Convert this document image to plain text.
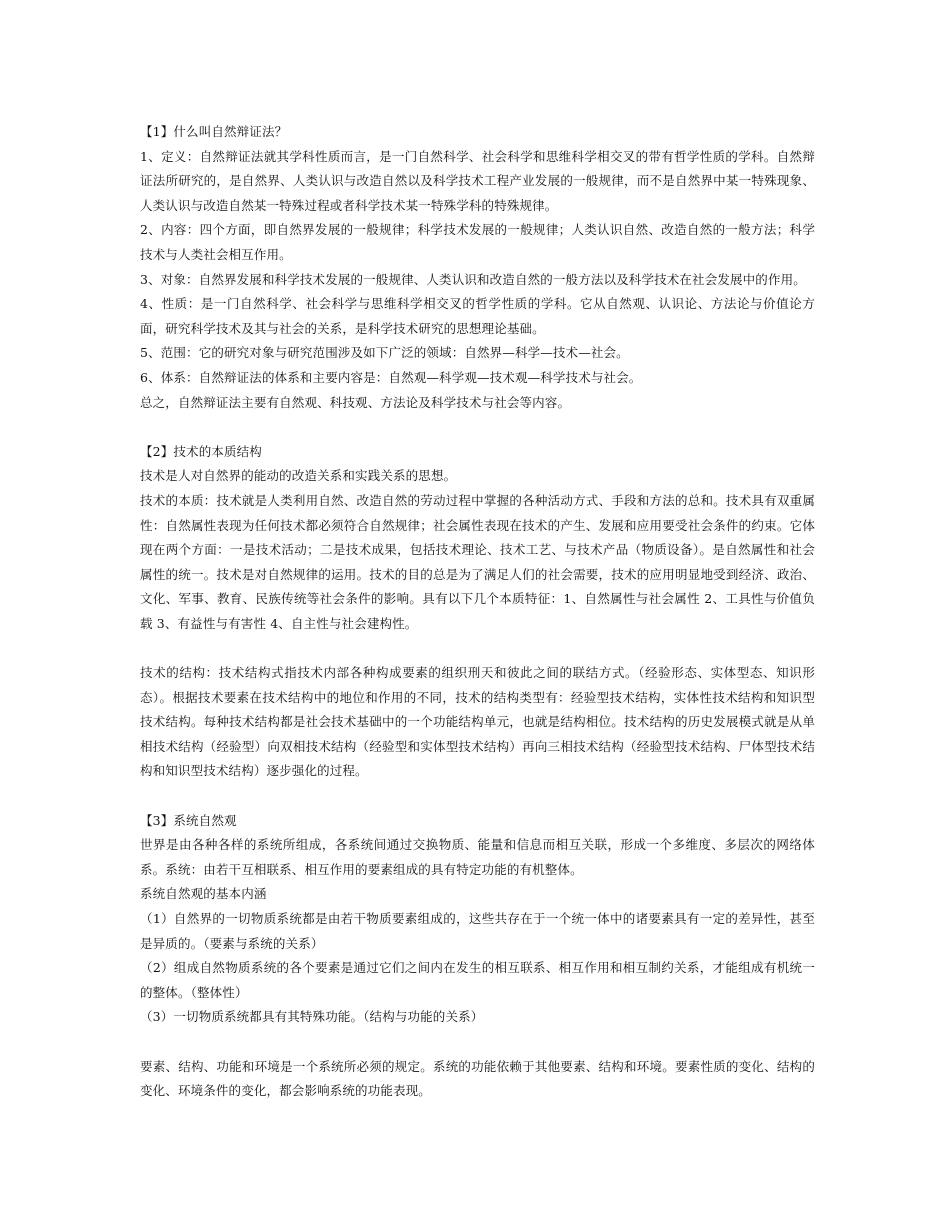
【1】什么叫自然辩证法？

1、定义：自然辩证法就其学科性质而言，是一门自然科学、社会科学和思维科学相交叉的带有哲学性质的学科。自然辩证法所研究的，是自然界、人类认识与改造自然以及科学技术工程产业发展的一般规律，而不是自然界中某一特殊现象、人类认识与改造自然某一特殊过程或者科学技术某一特殊学科的特殊规律。

2、内容：四个方面，即自然界发展的一般规律；科学技术发展的一般规律；人类认识自然、改造自然的一般方法；科学技术与人类社会相互作用。

3、对象：自然界发展和科学技术发展的一般规律、人类认识和改造自然的一般方法以及科学技术在社会发展中的作用。

4、性质：是一门自然科学、社会科学与思维科学相交叉的哲学性质的学科。它从自然观、认识论、方法论与价值论方面，研究科学技术及其与社会的关系，是科学技术研究的思想理论基础。

5、范围：它的研究对象与研究范围涉及如下广泛的领域：自然界—科学—技术—社会。

6、体系：自然辩证法的体系和主要内容是：自然观—科学观—技术观—科学技术与社会。

总之，自然辩证法主要有自然观、科技观、方法论及科学技术与社会等内容。

【2】技术的本质结构

技术是人对自然界的能动的改造关系和实践关系的思想。

技术的本质：技术就是人类利用自然、改造自然的劳动过程中掌握的各种活动方式、手段和方法的总和。技术具有双重属性：自然属性表现为任何技术都必须符合自然规律；社会属性表现在技术的产生、发展和应用要受社会条件的约束。它体现在两个方面：一是技术活动；二是技术成果，包括技术理论、技术工艺、与技术产品（物质设备）。是自然属性和社会属性的统一。技术是对自然规律的运用。技术的目的总是为了满足人们的社会需要，技术的应用明显地受到经济、政治、文化、军事、教育、民族传统等社会条件的影响。具有以下几个本质特征：1、自然属性与社会属性 2、工具性与价值负载 3、有益性与有害性 4、自主性与社会建构性。

技术的结构：技术结构式指技术内部各种构成要素的组织刑天和彼此之间的联结方式。（经验形态、实体型态、知识形态）。根据技术要素在技术结构中的地位和作用的不同，技术的结构类型有：经验型技术结构，实体性技术结构和知识型技术结构。每种技术结构都是社会技术基础中的一个功能结构单元，也就是结构相位。技术结构的历史发展模式就是从单相技术结构（经验型）向双相技术结构（经验型和实体型技术结构）再向三相技术结构（经验型技术结构、尸体型技术结构和知识型技术结构）逐步强化的过程。

【3】系统自然观

世界是由各种各样的系统所组成，各系统间通过交换物质、能量和信息而相互关联，形成一个多维度、多层次的网络体系。系统：由若干互相联系、相互作用的要素组成的具有特定功能的有机整体。

系统自然观的基本内涵

（1）自然界的一切物质系统都是由若干物质要素组成的，这些共存在于一个统一体中的诸要素具有一定的差异性，甚至是异质的。（要素与系统的关系）

（2）组成自然物质系统的各个要素是通过它们之间内在发生的相互联系、相互作用和相互制约关系，才能组成有机统一的整体。（整体性）

（3）一切物质系统都具有其特殊功能。（结构与功能的关系）

要素、结构、功能和环境是一个系统所必须的规定。系统的功能依赖于其他要素、结构和环境。要素性质的变化、结构的变化、环境条件的变化，都会影响系统的功能表现。
